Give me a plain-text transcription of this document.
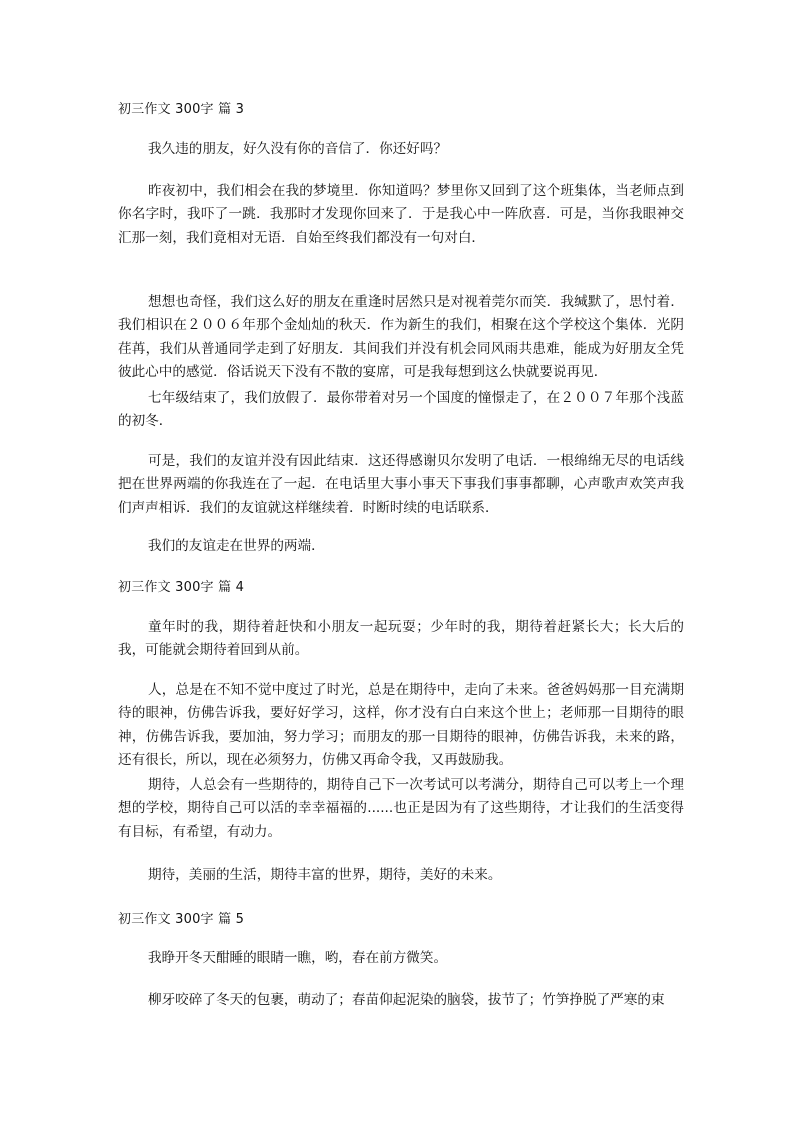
初三作文 300字 篇 3
我久违的朋友，好久没有你的音信了．你还好吗？
昨夜初中，我们相会在我的梦境里．你知道吗？梦里你又回到了这个班集体，当老师点到你名字时，我吓了一跳．我那时才发现你回来了．于是我心中一阵欣喜．可是，当你我眼神交汇那一刻，我们竟相对无语．自始至终我们都没有一句对白．
想想也奇怪，我们这么好的朋友在重逢时居然只是对视着莞尔而笑．我缄默了，思忖着． 我们相识在２００６年那个金灿灿的秋天．作为新生的我们，相聚在这个学校这个集体．光阴荏苒，我们从普通同学走到了好朋友．其间我们并没有机会同风雨共患难，能成为好朋友全凭彼此心中的感觉．俗话说天下没有不散的宴席，可是我每想到这么快就要说再见．
七年级结束了，我们放假了．最你带着对另一个国度的憧憬走了，在２００７年那个浅蓝的初冬．
可是，我们的友谊并没有因此结束．这还得感谢贝尔发明了电话．一根绵绵无尽的电话线把在世界两端的你我连在了一起．在电话里大事小事天下事我们事事都聊，心声歌声欢笑声我们声声相诉．我们的友谊就这样继续着．时断时续的电话联系．
我们的友谊走在世界的两端．
初三作文 300字 篇 4
童年时的我，期待着赶快和小朋友一起玩耍；少年时的我，期待着赶紧长大；长大后的我，可能就会期待着回到从前。
人，总是在不知不觉中度过了时光，总是在期待中，走向了未来。爸爸妈妈那一目充满期待的眼神，仿佛告诉我，要好好学习，这样，你才没有白白来这个世上；老师那一目期待的眼神，仿佛告诉我，要加油，努力学习；而朋友的那一目期待的眼神，仿佛告诉我，未来的路，还有很长，所以，现在必须努力，仿佛又再命令我，又再鼓励我。
期待，人总会有一些期待的，期待自己下一次考试可以考满分，期待自己可以考上一个理想的学校，期待自己可以活的幸幸福福的......也正是因为有了这些期待，才让我们的生活变得有目标，有希望，有动力。
期待，美丽的生活，期待丰富的世界，期待，美好的未来。
初三作文 300字 篇 5
我睁开冬天酣睡的眼睛一瞧，哟，春在前方微笑。
柳牙咬碎了冬天的包裹，萌动了；春苗仰起泥染的脑袋，拔节了；竹笋挣脱了严寒的束
